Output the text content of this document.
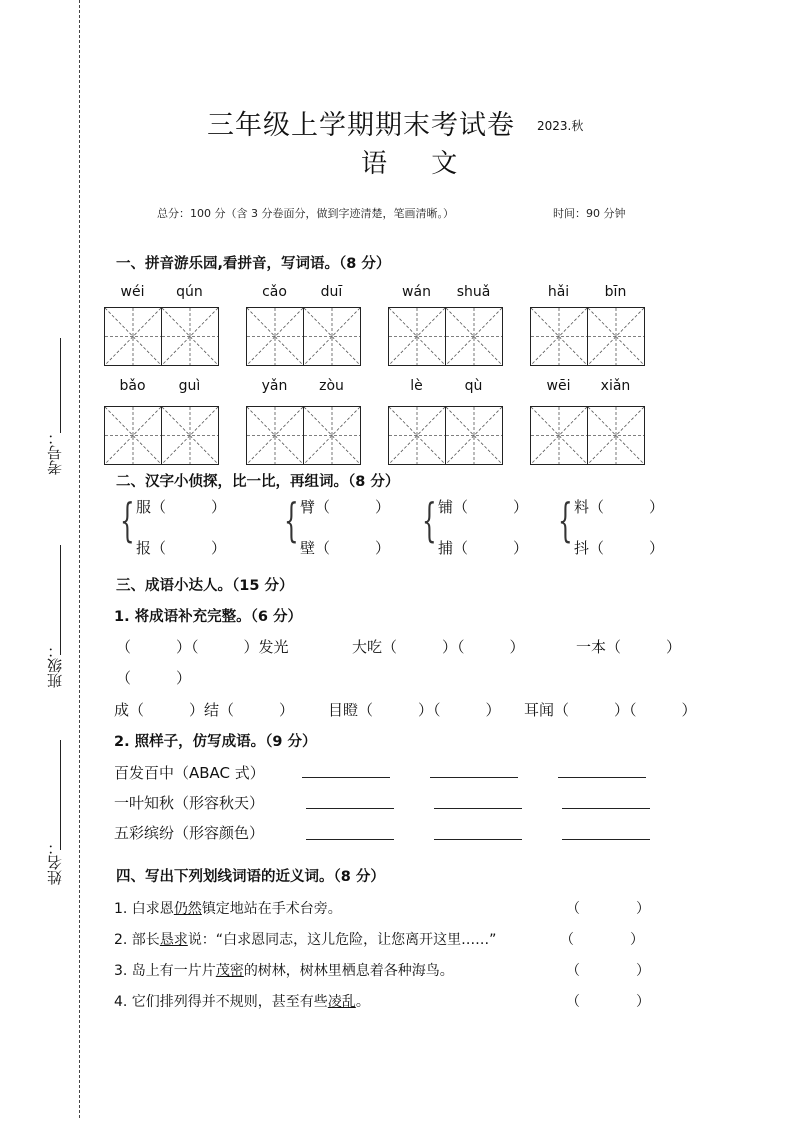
考号：
班级：
姓名：
三年级上学期期末考试卷 2023.秋
语 文
总分：100 分（含 3 分卷面分，做到字迹清楚，笔画清晰。）	时间：90 分钟
一、拼音游乐园,看拼音，写词语。（8 分）
wéi	qún	cǎo	duī	wán	shuǎ	hǎi	bīn
bǎo	guì	yǎn	zòu	lè	qù	wēi	xiǎn
二、汉字小侦探，比一比，再组词。（8 分）
{ 服（　　　）
报（　　　）
{ 臂（　　　）
壁（　　　）
{ 铺（　　　）
捕（　　　）
{ 料（　　　）
抖（　　　）
三、成语小达人。（15 分）
1. 将成语补充完整。（6 分）
（　　　）（　　　）发光	大吃（　　　）（　　　）	一本（　　　）
（　　　）
成（　　　）结（　　　） 目瞪（　　　）（　　　） 耳闻（　　　）（　　　）
2. 照样子，仿写成语。（9 分）
百发百中（ABAC 式）
一叶知秋（形容秋天）
五彩缤纷（形容颜色）
四、写出下列划线词语的近义词。（8 分）
1. 白求恩仍然镇定地站在手术台旁。	（　　　　）
2. 部长恳求说：“白求恩同志，这儿危险，让您离开这里……”	（　　　　）
3. 岛上有一片片茂密的树林，树林里栖息着各种海鸟。	（　　　　）
4. 它们排列得并不规则，甚至有些凌乱。	（　　　　）
